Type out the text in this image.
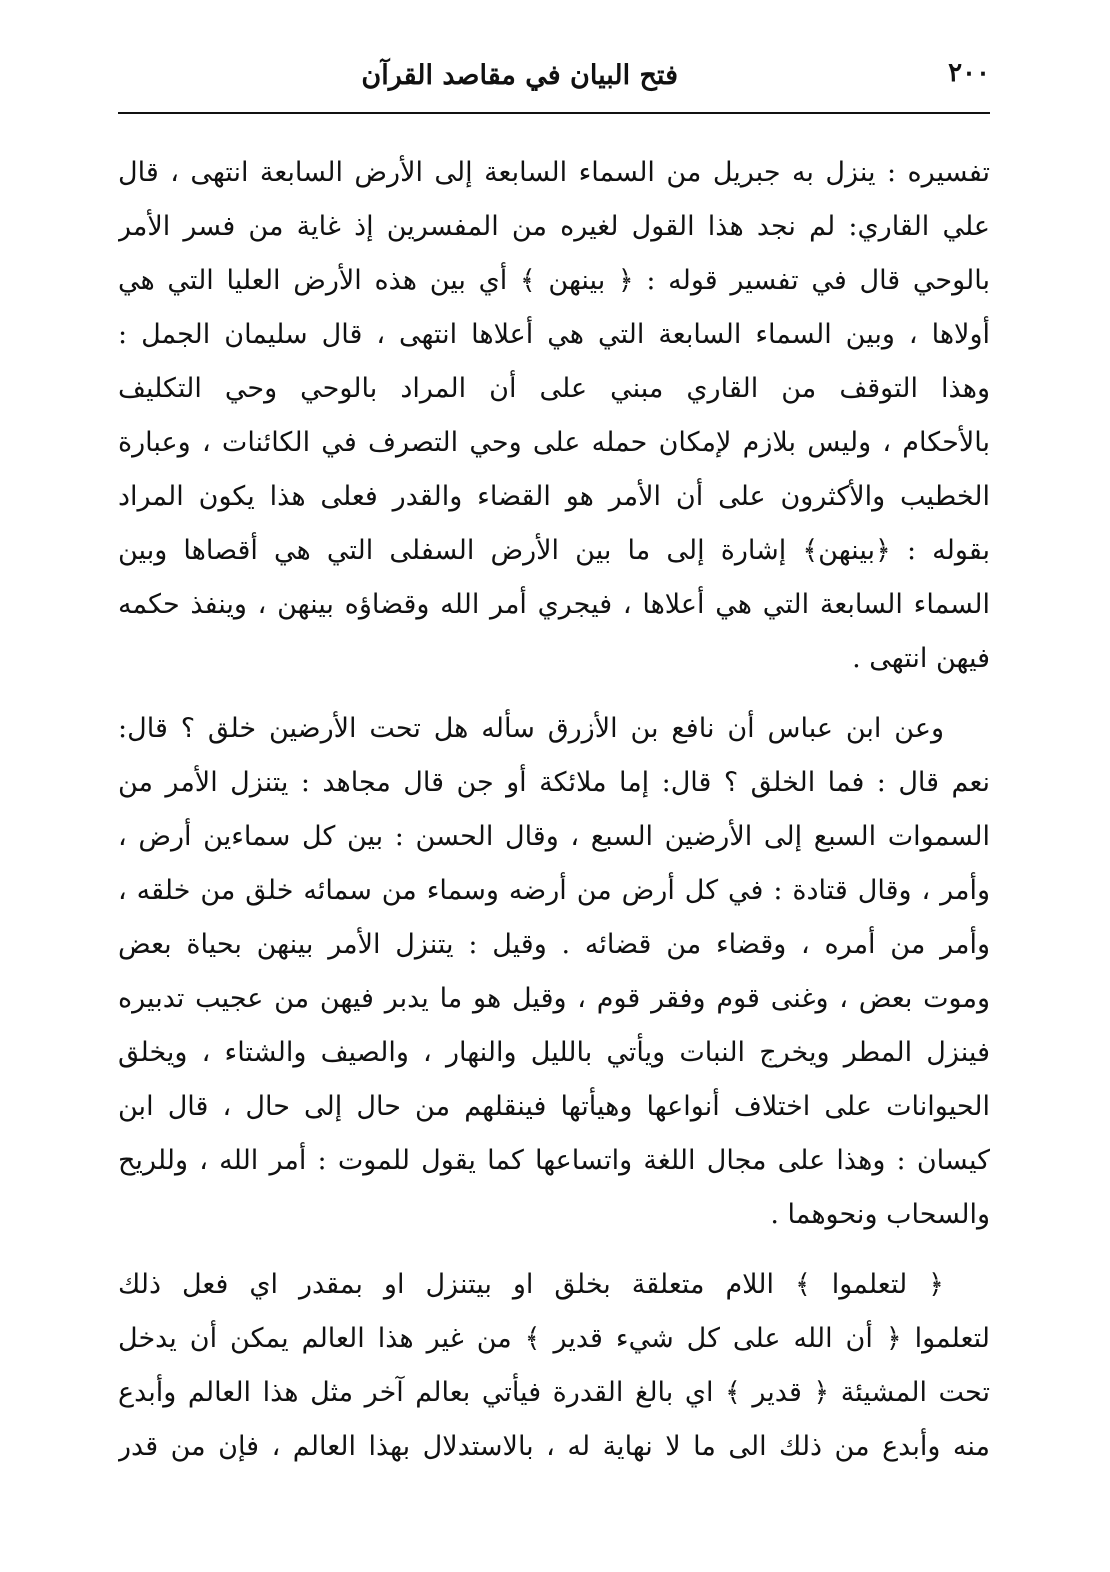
فتح البيان في مقاصد القرآن	٢٠٠
تفسيره : ينزل به جبريل من السماء السابعة إلى الأرض السابعة انتهى ، قال
علي القاري: لم نجد هذا القول لغيره من المفسرين إذ غاية من فسر الأمر
بالوحي قال في تفسير قوله : ﴿ بينهن ﴾ أي بين هذه الأرض العليا التي هي
أولاها ، وبين السماء السابعة التي هي أعلاها انتهى ، قال سليمان الجمل :
وهذا التوقف من القاري مبني على أن المراد بالوحي وحي التكليف
بالأحكام ، وليس بلازم لإمكان حمله على وحي التصرف في الكائنات ، وعبارة
الخطيب والأكثرون على أن الأمر هو القضاء والقدر فعلى هذا يكون المراد
بقوله : ﴿بينهن﴾ إشارة إلى ما بين الأرض السفلى التي هي أقصاها وبين
السماء السابعة التي هي أعلاها ، فيجري أمر الله وقضاؤه بينهن ، وينفذ حكمه
فيهن انتهى .
وعن ابن عباس أن نافع بن الأزرق سأله هل تحت الأرضين خلق ؟ قال:
نعم قال : فما الخلق ؟ قال: إما ملائكة أو جن قال مجاهد : يتنزل الأمر من
السموات السبع إلى الأرضين السبع ، وقال الحسن : بين كل سماءين أرض ،
وأمر ، وقال قتادة : في كل أرض من أرضه وسماء من سمائه خلق من خلقه ،
وأمر من أمره ، وقضاء من قضائه . وقيل : يتنزل الأمر بينهن بحياة بعض
وموت بعض ، وغنى قوم وفقر قوم ، وقيل هو ما يدبر فيهن من عجيب تدبيره
فينزل المطر ويخرج النبات ويأتي بالليل والنهار ، والصيف والشتاء ، ويخلق
الحيوانات على اختلاف أنواعها وهيأتها فينقلهم من حال إلى حال ، قال ابن
كيسان : وهذا على مجال اللغة واتساعها كما يقول للموت : أمر الله ، وللريح
والسحاب ونحوهما .
﴿ لتعلموا ﴾ اللام متعلقة بخلق او بيتنزل او بمقدر اي فعل ذلك
لتعلموا ﴿ أن الله على كل شيء قدير ﴾ من غير هذا العالم يمكن أن يدخل
تحت المشيئة ﴿ قدير ﴾ اي بالغ القدرة فيأتي بعالم آخر مثل هذا العالم وأبدع
منه وأبدع من ذلك الى ما لا نهاية له ، بالاستدلال بهذا العالم ، فإن من قدر
